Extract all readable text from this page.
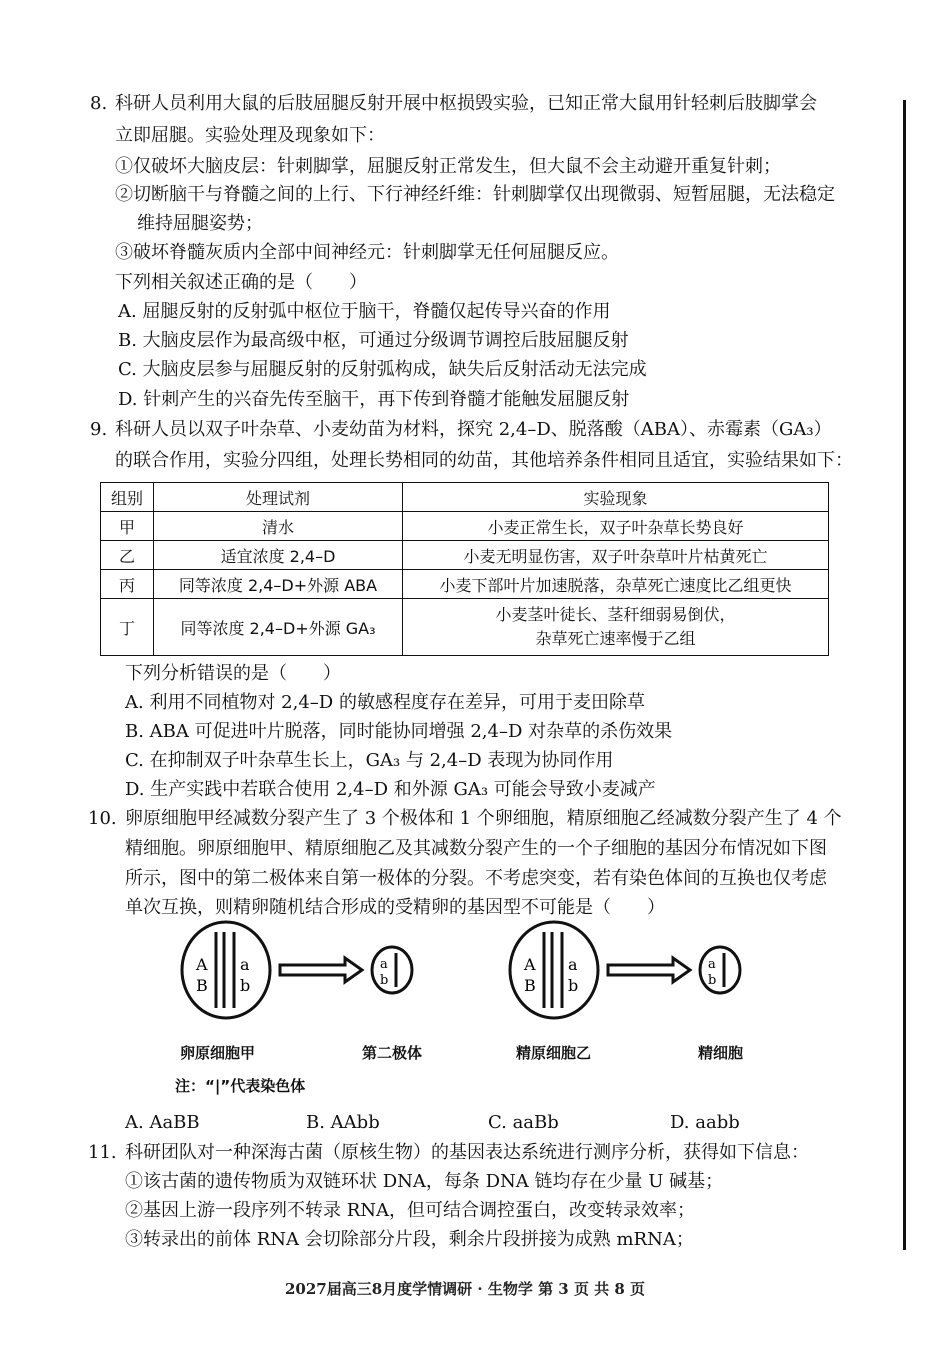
8. 科研人员利用大鼠的后肢屈腿反射开展中枢损毁实验，已知正常大鼠用针轻刺后肢脚掌会
立即屈腿。实验处理及现象如下：
①仅破坏大脑皮层：针刺脚掌，屈腿反射正常发生，但大鼠不会主动避开重复针刺；
②切断脑干与脊髓之间的上行、下行神经纤维：针刺脚掌仅出现微弱、短暂屈腿，无法稳定
维持屈腿姿势；
③破坏脊髓灰质内全部中间神经元：针刺脚掌无任何屈腿反应。
下列相关叙述正确的是（　　）
A. 屈腿反射的反射弧中枢位于脑干，脊髓仅起传导兴奋的作用
B. 大脑皮层作为最高级中枢，可通过分级调节调控后肢屈腿反射
C. 大脑皮层参与屈腿反射的反射弧构成，缺失后反射活动无法完成
D. 针刺产生的兴奋先传至脑干，再下传到脊髓才能触发屈腿反射
9. 科研人员以双子叶杂草、小麦幼苗为材料，探究 2,4–D、脱落酸（ABA）、赤霉素（GA₃）
的联合作用，实验分四组，处理长势相同的幼苗，其他培养条件相同且适宜，实验结果如下：
组别	处理试剂	实验现象
甲	清水	小麦正常生长，双子叶杂草长势良好
乙	适宜浓度 2,4–D	小麦无明显伤害，双子叶杂草叶片枯黄死亡
丙	同等浓度 2,4–D+外源 ABA	小麦下部叶片加速脱落，杂草死亡速度比乙组更快
丁	同等浓度 2,4–D+外源 GA₃	小麦茎叶徒长、茎秆细弱易倒伏，
杂草死亡速率慢于乙组
下列分析错误的是（　　）
A. 利用不同植物对 2,4–D 的敏感程度存在差异，可用于麦田除草
B. ABA 可促进叶片脱落，同时能协同增强 2,4–D 对杂草的杀伤效果
C. 在抑制双子叶杂草生长上，GA₃ 与 2,4–D 表现为协同作用
D. 生产实践中若联合使用 2,4–D 和外源 GA₃ 可能会导致小麦减产
10. 卵原细胞甲经减数分裂产生了 3 个极体和 1 个卵细胞，精原细胞乙经减数分裂产生了 4 个
精细胞。卵原细胞甲、精原细胞乙及其减数分裂产生的一个子细胞的基因分布情况如下图
所示，图中的第二极体来自第一极体的分裂。不考虑突变，若有染色体间的互换也仅考虑
单次互换，则精卵随机结合形成的受精卵的基因型不可能是（　　）
A
B
a
b
a
b
A
B
a
b
a
b
卵原细胞甲	第二极体	精原细胞乙	精细胞
注：“|”代表染色体
A. AaBB	B. AAbb	C. aaBb	D. aabb
11. 科研团队对一种深海古菌（原核生物）的基因表达系统进行测序分析，获得如下信息：
①该古菌的遗传物质为双链环状 DNA，每条 DNA 链均存在少量 U 碱基；
②基因上游一段序列不转录 RNA，但可结合调控蛋白，改变转录效率；
③转录出的前体 RNA 会切除部分片段，剩余片段拼接为成熟 mRNA；
2027届高三8月度学情调研 · 生物学 第 3 页 共 8 页
